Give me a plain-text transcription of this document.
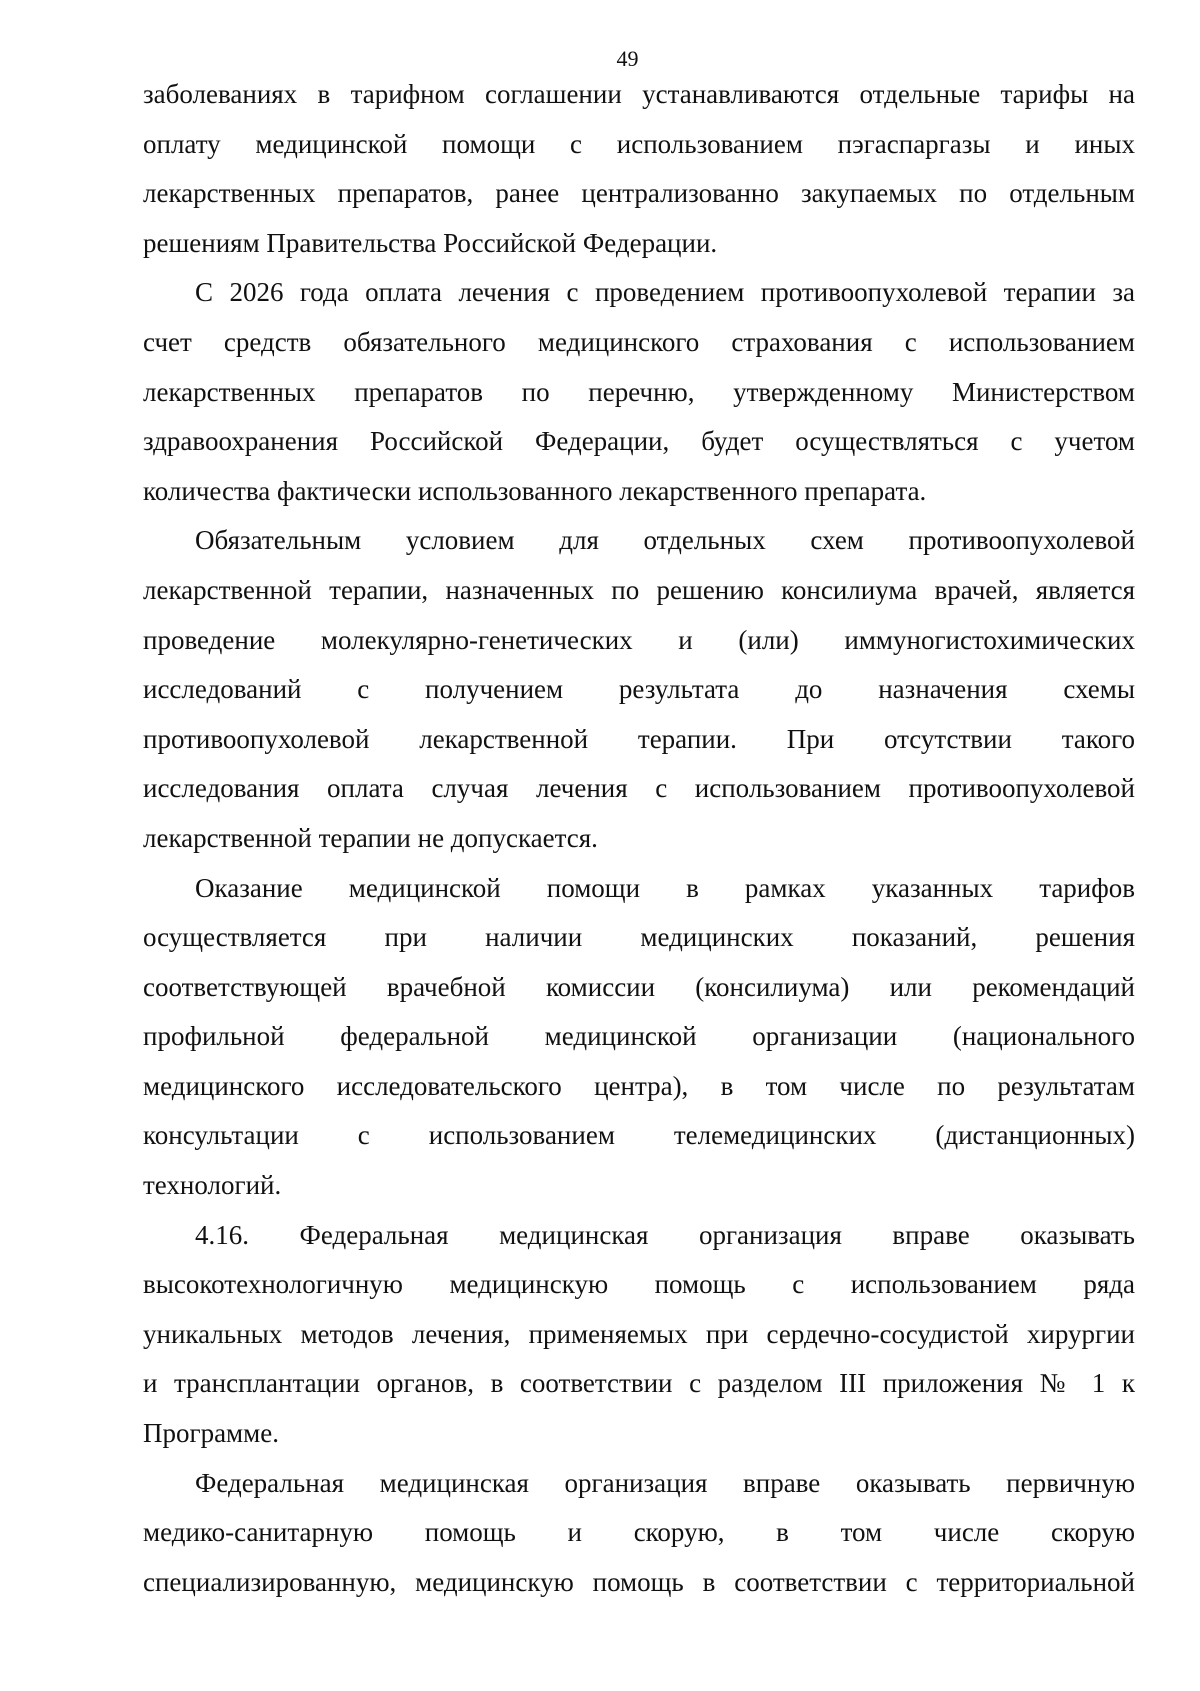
49
заболеваниях в тарифном соглашении устанавливаются отдельные тарифы на
оплату медицинской помощи с использованием пэгаспаргазы и иных
лекарственных препаратов, ранее централизованно закупаемых по отдельным
решениям Правительства Российской Федерации.
С 2026 года оплата лечения с проведением противоопухолевой терапии за
счет средств обязательного медицинского страхования с использованием
лекарственных препаратов по перечню, утвержденному Министерством
здравоохранения Российской Федерации, будет осуществляться с учетом
количества фактически использованного лекарственного препарата.
Обязательным условием для отдельных схем противоопухолевой
лекарственной терапии, назначенных по решению консилиума врачей, является
проведение молекулярно-генетических и (или) иммуногистохимических
исследований с получением результата до назначения схемы
противоопухолевой лекарственной терапии. При отсутствии такого
исследования оплата случая лечения с использованием противоопухолевой
лекарственной терапии не допускается.
Оказание медицинской помощи в рамках указанных тарифов
осуществляется при наличии медицинских показаний, решения
соответствующей врачебной комиссии (консилиума) или рекомендаций
профильной федеральной медицинской организации (национального
медицинского исследовательского центра), в том числе по результатам
консультации с использованием телемедицинских (дистанционных)
технологий.
4.16. Федеральная медицинская организация вправе оказывать
высокотехнологичную медицинскую помощь с использованием ряда
уникальных методов лечения, применяемых при сердечно-сосудистой хирургии
и трансплантации органов, в соответствии с разделом III приложения № 1 к
Программе.
Федеральная медицинская организация вправе оказывать первичную
медико-санитарную помощь и скорую, в том числе скорую
специализированную, медицинскую помощь в соответствии с территориальной
